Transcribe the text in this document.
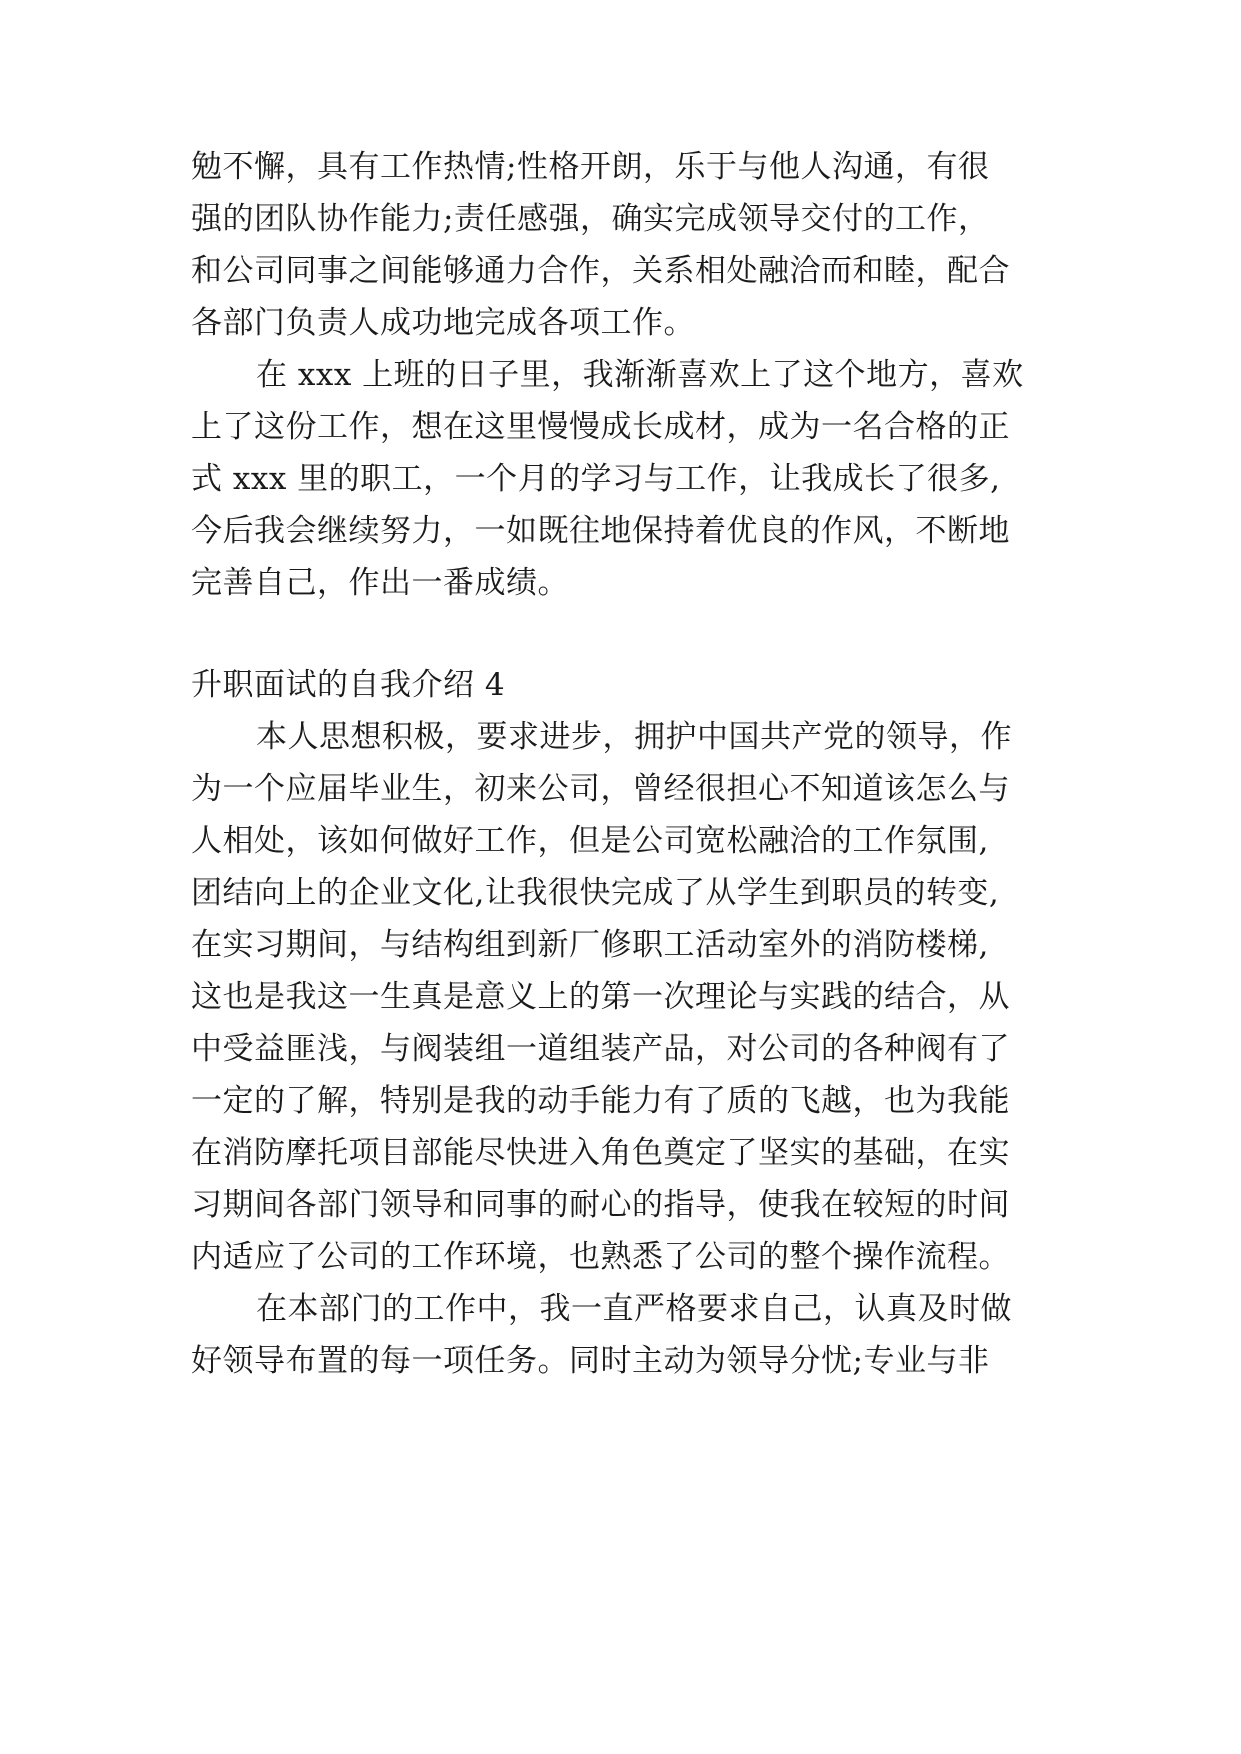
勉不懈，具有工作热情;性格开朗，乐于与他人沟通，有很
强的团队协作能力;责任感强，确实完成领导交付的工作，
和公司同事之间能够通力合作，关系相处融洽而和睦，配合
各部门负责人成功地完成各项工作。
在 xxx 上班的日子里，我渐渐喜欢上了这个地方，喜欢
上了这份工作，想在这里慢慢成长成材，成为一名合格的正
式 xxx 里的职工，一个月的学习与工作，让我成长了很多,
今后我会继续努力，一如既往地保持着优良的作风，不断地
完善自己，作出一番成绩。
升职面试的自我介绍 4
本人思想积极，要求进步，拥护中国共产党的领导，作
为一个应届毕业生，初来公司，曾经很担心不知道该怎么与
人相处，该如何做好工作，但是公司宽松融洽的工作氛围,
团结向上的企业文化,让我很快完成了从学生到职员的转变,
在实习期间，与结构组到新厂修职工活动室外的消防楼梯,
这也是我这一生真是意义上的第一次理论与实践的结合，从
中受益匪浅，与阀装组一道组装产品，对公司的各种阀有了
一定的了解，特别是我的动手能力有了质的飞越，也为我能
在消防摩托项目部能尽快进入角色奠定了坚实的基础，在实
习期间各部门领导和同事的耐心的指导，使我在较短的时间
内适应了公司的工作环境，也熟悉了公司的整个操作流程。
在本部门的工作中，我一直严格要求自己，认真及时做
好领导布置的每一项任务。同时主动为领导分忧;专业与非
